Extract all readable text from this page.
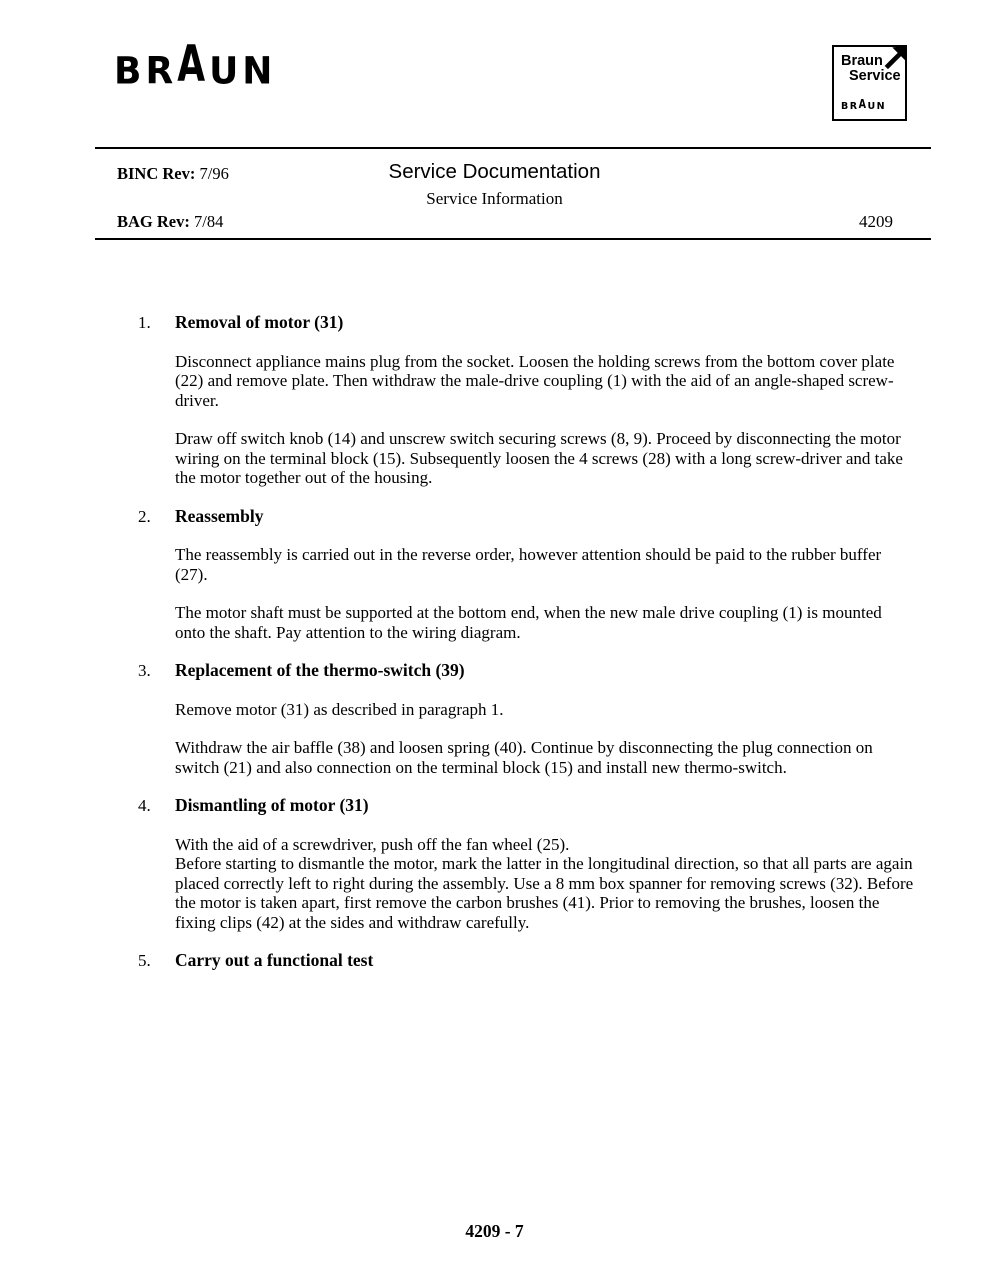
BRAUN	Braun
Service
BRAUN
BINC Rev: 7/96	Service Documentation
Service Information
BAG Rev: 7/84	4209
1.	Removal of motor (31)

Disconnect appliance mains plug from the socket. Loosen the holding screws from the bottom cover plate (22) and remove plate. Then withdraw the male-drive coupling (1) with the aid of an angle-shaped screw-driver.

Draw off switch knob (14) and unscrew switch securing screws (8, 9). Proceed by disconnecting the motor wiring on the terminal block (15). Subsequently loosen the 4 screws (28) with a long screw-driver and take the motor together out of the housing.

2.	Reassembly

The reassembly is carried out in the reverse order, however attention should be paid to the rubber buffer (27).

The motor shaft must be supported at the bottom end, when the new male drive coupling (1) is mounted onto the shaft. Pay attention to the wiring diagram.

3.	Replacement of the thermo-switch (39)

Remove motor (31) as described in paragraph 1.

Withdraw the air baffle (38) and loosen spring (40). Continue by disconnecting the plug connection on switch (21) and also connection on the terminal block (15) and install new thermo-switch.

4.	Dismantling of motor (31)

With the aid of a screwdriver, push off the fan wheel (25).

Before starting to dismantle the motor, mark the latter in the longitudinal direction, so that all parts are again placed correctly left to right during the assembly. Use a 8 mm box spanner for removing screws (32). Before the motor is taken apart, first remove the carbon brushes (41). Prior to removing the brushes, loosen the fixing clips (42) at the sides and withdraw carefully.

5.	Carry out a functional test
4209 - 7
